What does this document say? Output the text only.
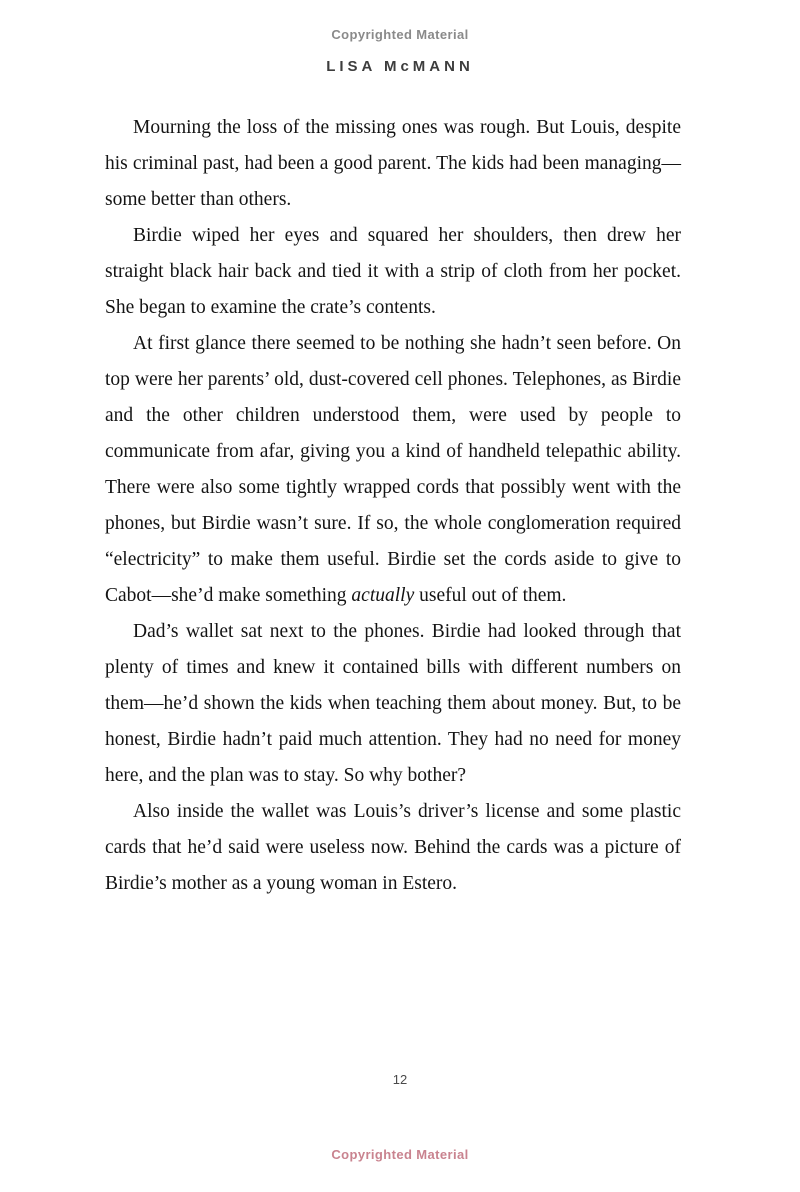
Copyrighted Material
LISA McMANN

Mourning the loss of the missing ones was rough. But Louis, despite his criminal past, had been a good parent. The kids had been managing—some better than others.

Birdie wiped her eyes and squared her shoulders, then drew her straight black hair back and tied it with a strip of cloth from her pocket. She began to examine the crate’s contents.

At first glance there seemed to be nothing she hadn’t seen before. On top were her parents’ old, dust-covered cell phones. Telephones, as Birdie and the other children understood them, were used by people to communicate from afar, giving you a kind of handheld telepathic ability. There were also some tightly wrapped cords that possibly went with the phones, but Birdie wasn’t sure. If so, the whole conglomeration required “electricity” to make them useful. Birdie set the cords aside to give to Cabot—she’d make something actually useful out of them.

Dad’s wallet sat next to the phones. Birdie had looked through that plenty of times and knew it contained bills with different numbers on them—he’d shown the kids when teaching them about money. But, to be honest, Birdie hadn’t paid much attention. They had no need for money here, and the plan was to stay. So why bother?

Also inside the wallet was Louis’s driver’s license and some plastic cards that he’d said were useless now. Behind the cards was a picture of Birdie’s mother as a young woman in Estero.

12
Copyrighted Material
